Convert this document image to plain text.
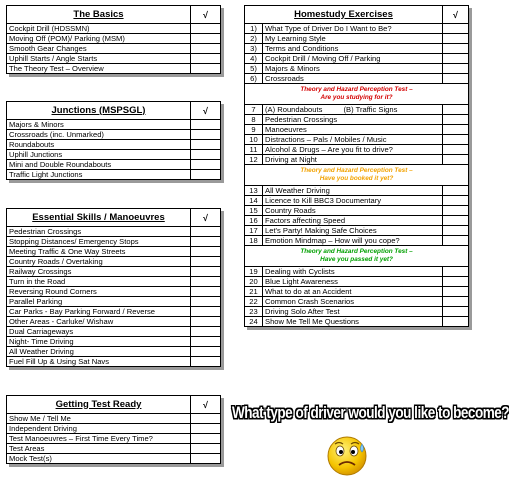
The Basics	√
Cockpit Drill (HDSSMN)	
Moving Off (POM)/ Parking (MSM)	
Smooth Gear Changes	
Uphill Starts / Angle Starts	
The Theory Test – Overview	
Junctions (MSPSGL)	√
Majors & Minors	
Crossroads (inc. Unmarked)	
Roundabouts	
Uphill Junctions	
Mini and Double Roundabouts	
Traffic Light Junctions	
Essential Skills / Manoeuvres	√
Pedestrian Crossings	
Stopping Distances/ Emergency Stops	
Meeting Traffic & One Way Streets	
Country Roads / Overtaking	
Railway Crossings	
Turn in the Road	
Reversing Round Corners	
Parallel Parking	
Car Parks - Bay Parking Forward / Reverse	
Other Areas - Carluke/ Wishaw	
Dual Carriageways	
Night- Time Driving	
All Weather Driving	
Fuel Fill Up & Using Sat Navs	
Getting Test Ready	√
Show Me / Tell Me	
Independent Driving	
Test Manoeuvres – First Time Every Time?	
Test Areas	
Mock Test(s)	
Homestudy Exercises		√
1)	What Type of Driver Do I Want to Be?	
2)	My Learning Style	
3)	Terms and Conditions	
4)	Cockpit Drill / Moving Off / Parking	
5)	Majors & Minors	
6)	Crossroads	

Theory and Hazard Perception Test –
Are you studying for it?		

7	(A) Roundabouts          (B) Traffic Signs	
8	Pedestrian Crossings	
9	Manoeuvres	
10	Distractions – Pals / Mobiles / Music	
11	Alcohol & Drugs – Are you fit to drive?	
12	Driving at Night	

Theory and Hazard Perception Test –
Have you booked it yet?		

13	All Weather Driving	
14	Licence to Kill BBC3 Documentary	
15	Country Roads	
16	Factors affecting Speed	
17	Let's Party! Making Safe Choices	
18	Emotion Mindmap – How will you cope?	

Theory and Hazard Perception Test –
Have you passed it yet?		

19	Dealing with Cyclists	
20	Blue Light Awareness	
21	What to do at an Accident	
22	Common Crash Scenarios	
23	Driving Solo After Test	
24	Show Me Tell Me Questions	
What type of driver would you like to become?
